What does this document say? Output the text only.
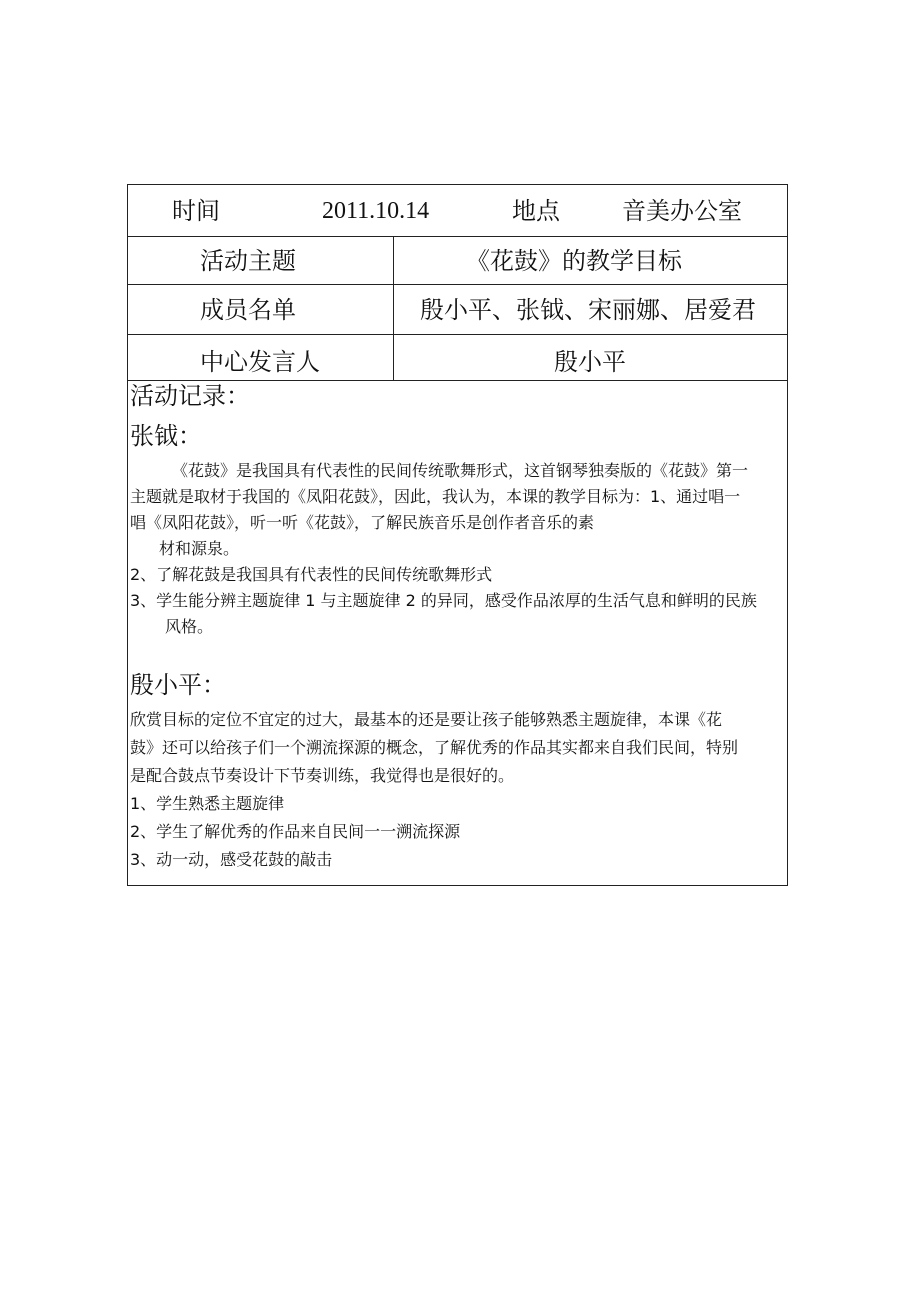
时间	2011.10.14	地点	音美办公室
活动主题	《花鼓》的教学目标
成员名单	殷小平、张钺、宋丽娜、居爱君
中心发言人	殷小平
活动记录：
张钺：
《花鼓》是我国具有代表性的民间传统歌舞形式，这首钢琴独奏版的《花鼓》第一
主题就是取材于我国的《凤阳花鼓》，因此，我认为，本课的教学目标为：1、通过唱一
唱《凤阳花鼓》，听一听《花鼓》，了解民族音乐是创作者音乐的素
材和源泉。
2、了解花鼓是我国具有代表性的民间传统歌舞形式
3、学生能分辨主题旋律 1 与主题旋律 2 的异同，感受作品浓厚的生活气息和鲜明的民族
风格。
殷小平：
欣赏目标的定位不宜定的过大，最基本的还是要让孩子能够熟悉主题旋律，本课《花
鼓》还可以给孩子们一个溯流探源的概念，了解优秀的作品其实都来自我们民间，特别
是配合鼓点节奏设计下节奏训练，我觉得也是很好的。
1、学生熟悉主题旋律
2、学生了解优秀的作品来自民间一一溯流探源
3、动一动，感受花鼓的敲击
